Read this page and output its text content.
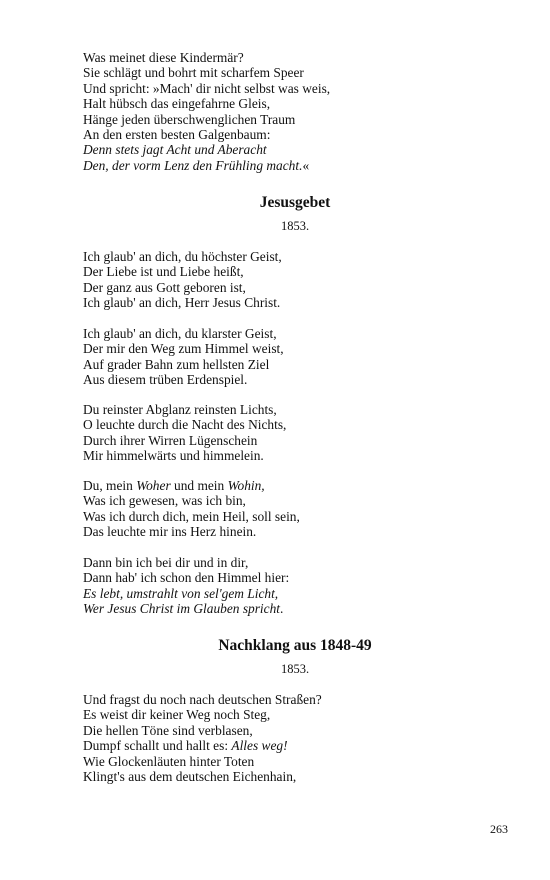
Was meinet diese Kindermär?
Sie schlägt und bohrt mit scharfem Speer
Und spricht: »Mach' dir nicht selbst was weis,
Halt hübsch das eingefahrne Gleis,
Hänge jeden überschwenglichen Traum
An den ersten besten Galgenbaum:
Denn stets jagt Acht und Aberacht
Den, der vorm Lenz den Frühling macht.«
Jesusgebet
1853.
Ich glaub' an dich, du höchster Geist,
Der Liebe ist und Liebe heißt,
Der ganz aus Gott geboren ist,
Ich glaub' an dich, Herr Jesus Christ.
Ich glaub' an dich, du klarster Geist,
Der mir den Weg zum Himmel weist,
Auf grader Bahn zum hellsten Ziel
Aus diesem trüben Erdenspiel.
Du reinster Abglanz reinsten Lichts,
O leuchte durch die Nacht des Nichts,
Durch ihrer Wirren Lügenschein
Mir himmelwärts und himmelein.
Du, mein Woher und mein Wohin,
Was ich gewesen, was ich bin,
Was ich durch dich, mein Heil, soll sein,
Das leuchte mir ins Herz hinein.
Dann bin ich bei dir und in dir,
Dann hab' ich schon den Himmel hier:
Es lebt, umstrahlt von sel'gem Licht,
Wer Jesus Christ im Glauben spricht.
Nachklang aus 1848-49
1853.
Und fragst du noch nach deutschen Straßen?
Es weist dir keiner Weg noch Steg,
Die hellen Töne sind verblasen,
Dumpf schallt und hallt es: Alles weg!
Wie Glockenläuten hinter Toten
Klingt's aus dem deutschen Eichenhain,
263
